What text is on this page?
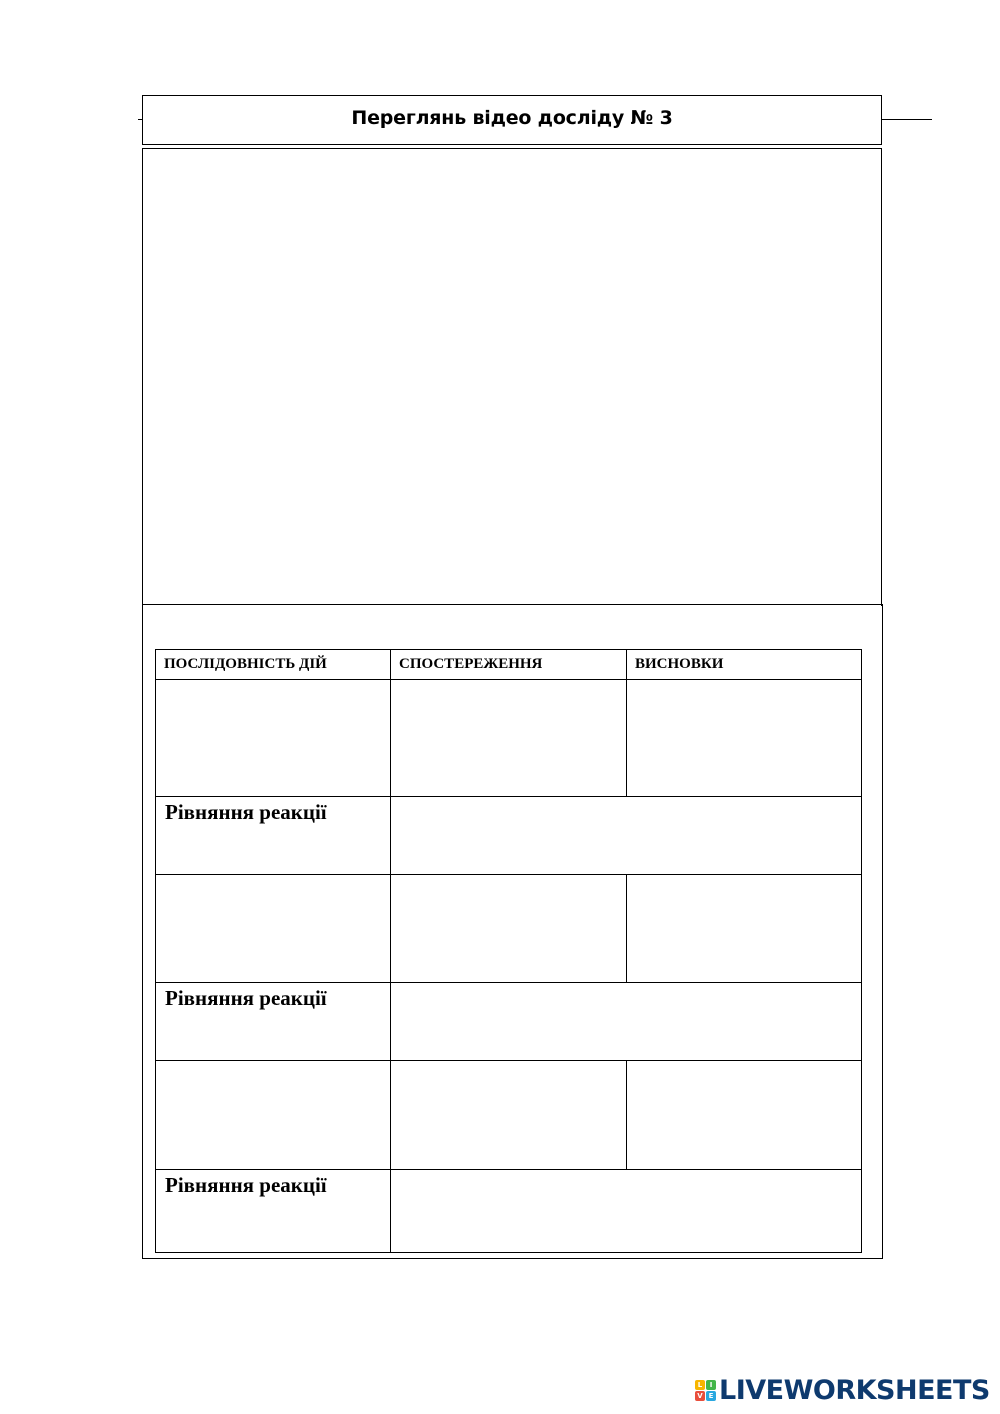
Переглянь відео досліду № 3
ПОСЛІДОВНІСТЬ ДІЙ	СПОСТЕРЕЖЕННЯ	ВИСНОВКИ
Рівняння реакції
Рівняння реакції
Рівняння реакції
L	I
V E LIVEWORKSHEETS
